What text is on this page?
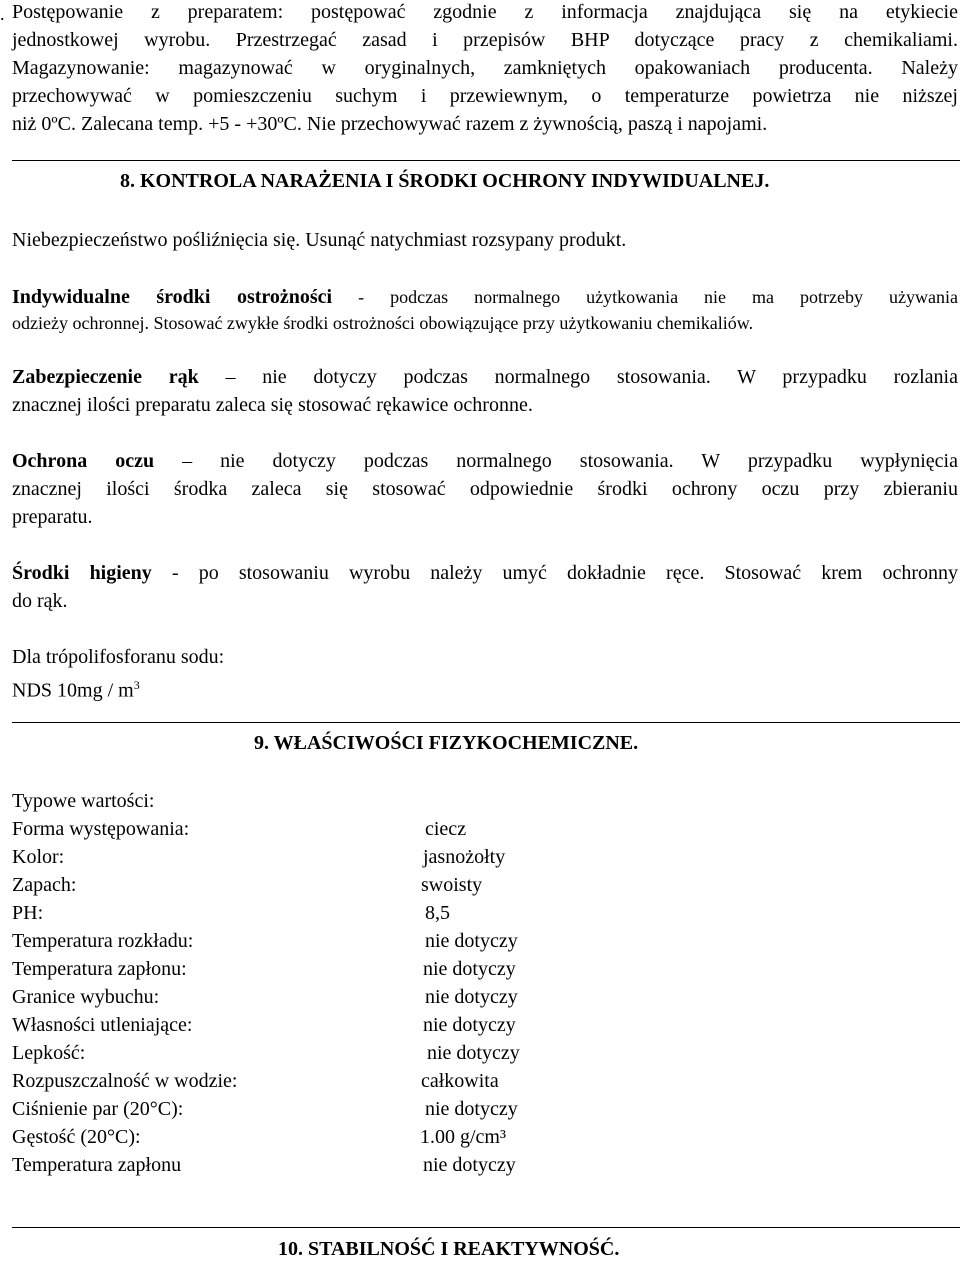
. Postępowanie z preparatem: postępować zgodnie z informacja znajdująca się na etykiecie
jednostkowej wyrobu. Przestrzegać zasad i przepisów BHP dotyczące pracy z chemikaliami.
Magazynowanie: magazynować w oryginalnych, zamkniętych opakowaniach producenta. Należy
przechowywać w pomieszczeniu suchym i przewiewnym, o temperaturze powietrza nie niższej
niż 0ºC. Zalecana temp. +5 - +30ºC. Nie przechowywać razem z żywnością, paszą i napojami.
8. KONTROLA NARAŻENIA I ŚRODKI OCHRONY INDYWIDUALNEJ.
Niebezpieczeństwo pośliźnięcia się. Usunąć natychmiast rozsypany produkt.
Indywidualne środki ostrożności - podczas normalnego użytkowania nie ma potrzeby używania
odzieży ochronnej. Stosować zwykłe środki ostrożności obowiązujące przy użytkowaniu chemikaliów.
Zabezpieczenie rąk – nie dotyczy podczas normalnego stosowania. W przypadku rozlania
znacznej ilości preparatu zaleca się stosować rękawice ochronne.
Ochrona oczu – nie dotyczy podczas normalnego stosowania. W przypadku wypłynięcia
znacznej ilości środka zaleca się stosować odpowiednie środki ochrony oczu przy zbieraniu
preparatu.
Środki higieny - po stosowaniu wyrobu należy umyć dokładnie ręce. Stosować krem ochronny
do rąk.
Dla trópolifosforanu sodu:
NDS $10mg / m^3$
9. WŁAŚCIWOŚCI FIZYKOCHEMICZNE.
Typowe wartości:
Forma występowania:	ciecz
Kolor:	jasnożołty
Zapach:	swoisty
PH:	8,5
Temperatura rozkładu:	nie dotyczy
Temperatura zapłonu:	nie dotyczy
Granice wybuchu:	nie dotyczy
Własności utleniające:	nie dotyczy
Lepkość:	nie dotyczy
Rozpuszczalność w wodzie:	całkowita
Ciśnienie par (20°C):	nie dotyczy
Gęstość (20°C):	1.00 g/cm³
Temperatura zapłonu	nie dotyczy
10. STABILNOŚĆ I REAKTYWNOŚĆ.
